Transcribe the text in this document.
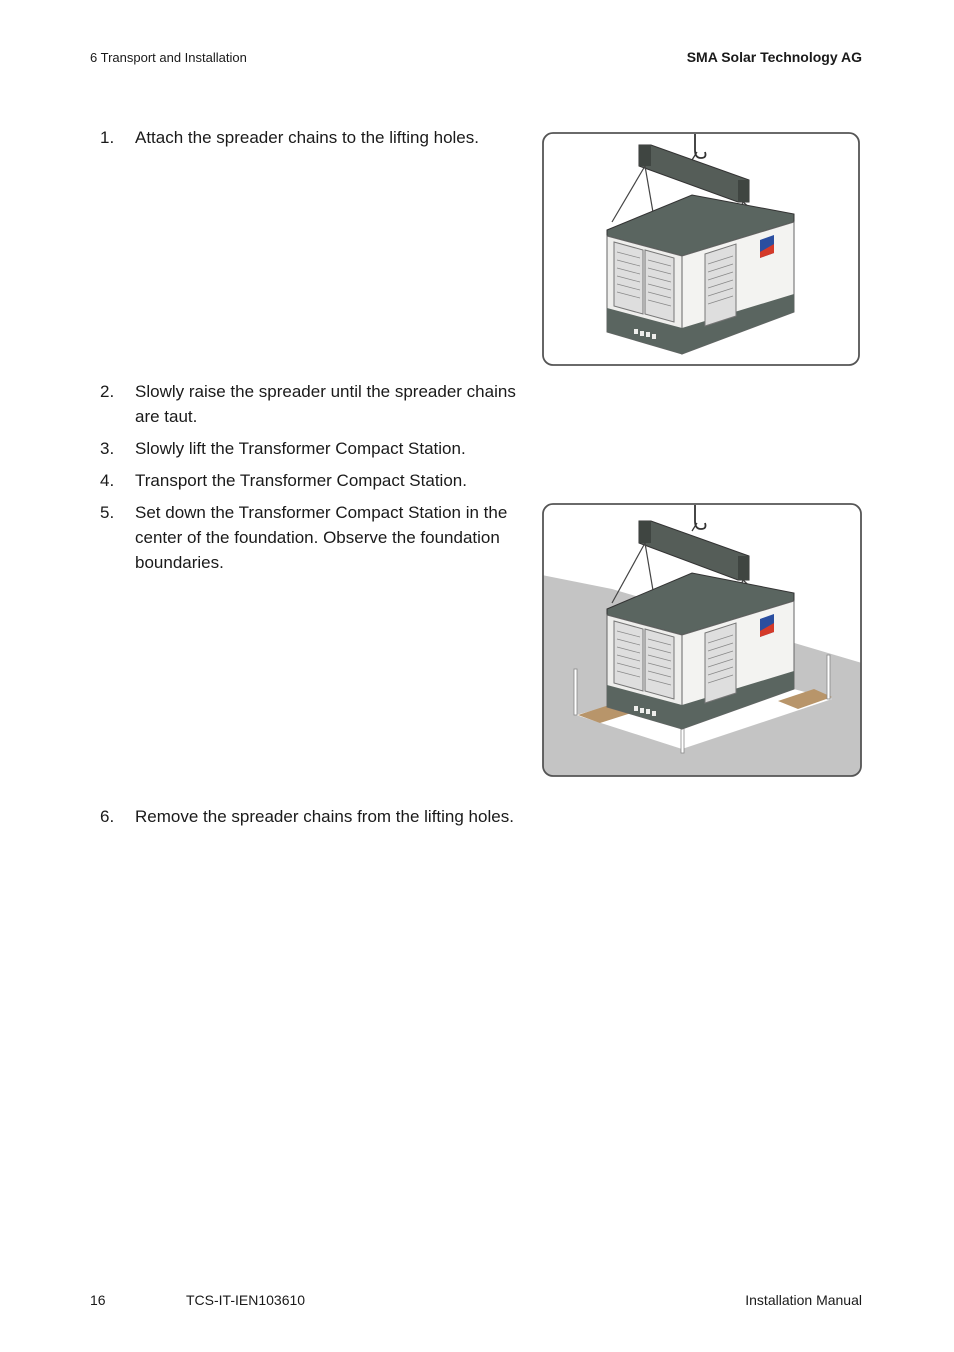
6 Transport and Installation	SMA Solar Technology AG
1.	Attach the spreader chains to the lifting holes.
2.	Slowly raise the spreader until the spreader chains are taut.
3.	Slowly lift the Transformer Compact Station.
4.	Transport the Transformer Compact Station.
5.	Set down the Transformer Compact Station in the center of the foundation. Observe the foundation boundaries.
6.	Remove the spreader chains from the lifting holes.
16	TCS-IT-IEN103610	Installation Manual
